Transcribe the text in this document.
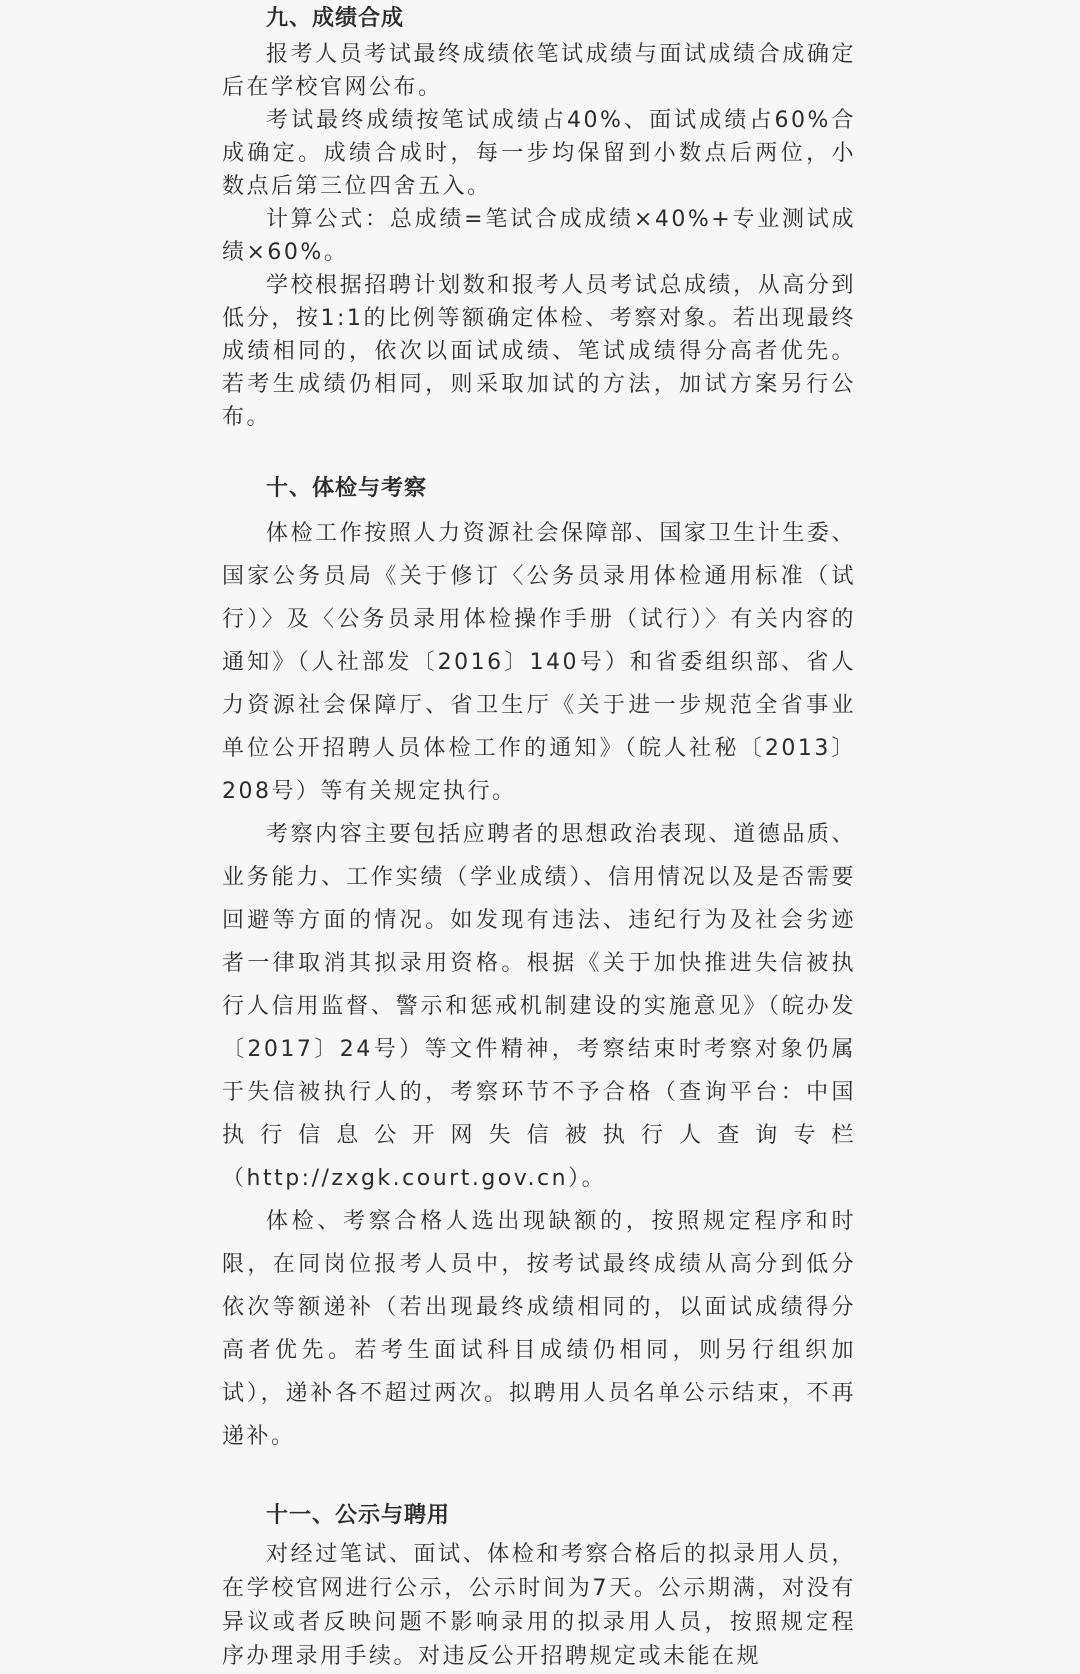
九、成绩合成

报考人员考试最终成绩依笔试成绩与面试成绩合成确定后在学校官网公布。

考试最终成绩按笔试成绩占40%、面试成绩占60%合成确定。成绩合成时，每一步均保留到小数点后两位，小数点后第三位四舍五入。

计算公式：总成绩=笔试合成成绩×40%+专业测试成绩×60%。

学校根据招聘计划数和报考人员考试总成绩，从高分到低分，按1:1的比例等额确定体检、考察对象。若出现最终成绩相同的，依次以面试成绩、笔试成绩得分高者优先。若考生成绩仍相同，则采取加试的方法，加试方案另行公布。

十、体检与考察

体检工作按照人力资源社会保障部、国家卫生计生委、国家公务员局《关于修订〈公务员录用体检通用标准（试行）〉及〈公务员录用体检操作手册（试行）〉有关内容的通知》（人社部发〔2016〕140号）和省委组织部、省人力资源社会保障厅、省卫生厅《关于进一步规范全省事业单位公开招聘人员体检工作的通知》（皖人社秘〔2013〕208号）等有关规定执行。

考察内容主要包括应聘者的思想政治表现、道德品质、业务能力、工作实绩（学业成绩）、信用情况以及是否需要回避等方面的情况。如发现有违法、违纪行为及社会劣迹者一律取消其拟录用资格。根据《关于加快推进失信被执行人信用监督、警示和惩戒机制建设的实施意见》（皖办发〔2017〕24号）等文件精神，考察结束时考察对象仍属于失信被执行人的，考察环节不予合格（查询平台：中国执行信息公开网失信被执行人查询专栏（http://zxgk.court.gov.cn）。

体检、考察合格人选出现缺额的，按照规定程序和时限，在同岗位报考人员中，按考试最终成绩从高分到低分依次等额递补（若出现最终成绩相同的，以面试成绩得分高者优先。若考生面试科目成绩仍相同，则另行组织加试），递补各不超过两次。拟聘用人员名单公示结束，不再递补。

十一、公示与聘用

对经过笔试、面试、体检和考察合格后的拟录用人员，在学校官网进行公示，公示时间为7天。公示期满，对没有异议或者反映问题不影响录用的拟录用人员，按照规定程序办理录用手续。对违反公开招聘规定或未能在规
